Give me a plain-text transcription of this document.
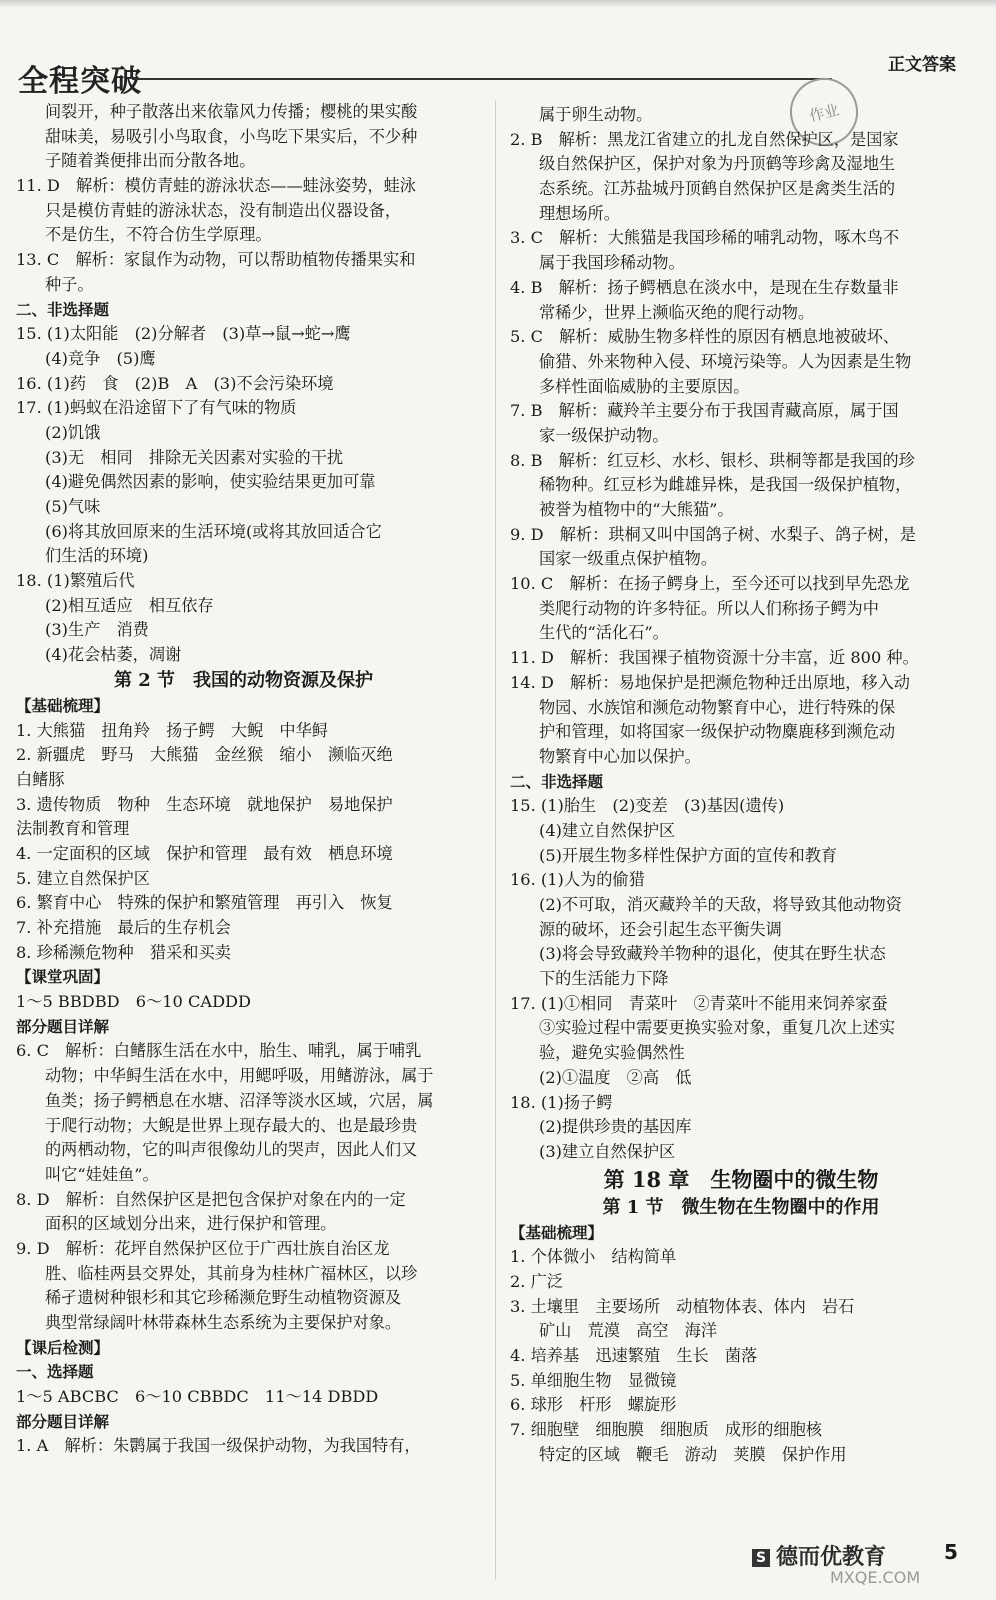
全程突破
作业
正文答案
间裂开，种子散落出来依靠风力传播；樱桃的果实酸
甜味美，易吸引小鸟取食，小鸟吃下果实后，不少种
子随着粪便排出而分散各地。
11. D　解析：模仿青蛙的游泳状态——蛙泳姿势，蛙泳
只是模仿青蛙的游泳状态，没有制造出仪器设备，
不是仿生，不符合仿生学原理。
13. C　解析：家鼠作为动物，可以帮助植物传播果实和
种子。
二、非选择题
15. (1)太阳能　(2)分解者　(3)草→鼠→蛇→鹰
(4)竞争　(5)鹰
16. (1)药　食　(2)B　A　(3)不会污染环境
17. (1)蚂蚁在沿途留下了有气味的物质
(2)饥饿
(3)无　相同　排除无关因素对实验的干扰
(4)避免偶然因素的影响，使实验结果更加可靠
(5)气味
(6)将其放回原来的生活环境(或将其放回适合它
们生活的环境)
18. (1)繁殖后代
(2)相互适应　相互依存
(3)生产　消费
(4)花会枯萎，凋谢
第 2 节　我国的动物资源及保护
【基础梳理】
1. 大熊猫　扭角羚　扬子鳄　大鲵　中华鲟
2. 新疆虎　野马　大熊猫　金丝猴　缩小　濒临灭绝
白鳍豚
3. 遗传物质　物种　生态环境　就地保护　易地保护
法制教育和管理
4. 一定面积的区域　保护和管理　最有效　栖息环境
5. 建立自然保护区
6. 繁育中心　特殊的保护和繁殖管理　再引入　恢复
7. 补充措施　最后的生存机会
8. 珍稀濒危物种　猎采和买卖
【课堂巩固】
1～5 BBDBD　6～10 CADDD
部分题目详解
6. C　解析：白鳍豚生活在水中，胎生、哺乳，属于哺乳
动物；中华鲟生活在水中，用鳃呼吸，用鳍游泳，属于
鱼类；扬子鳄栖息在水塘、沼泽等淡水区域，穴居，属
于爬行动物；大鲵是世界上现存最大的、也是最珍贵
的两栖动物，它的叫声很像幼儿的哭声，因此人们又
叫它“娃娃鱼”。
8. D　解析：自然保护区是把包含保护对象在内的一定
面积的区域划分出来，进行保护和管理。
9. D　解析：花坪自然保护区位于广西壮族自治区龙
胜、临桂两县交界处，其前身为桂林广福林区，以珍
稀孑遗树种银杉和其它珍稀濒危野生动植物资源及
典型常绿阔叶林带森林生态系统为主要保护对象。
【课后检测】
一、选择题
1～5 ABCBC　6～10 CBBDC　11～14 DBDD
部分题目详解
1. A　解析：朱鹮属于我国一级保护动物，为我国特有，
属于卵生动物。
2. B　解析：黑龙江省建立的扎龙自然保护区，是国家
级自然保护区，保护对象为丹顶鹤等珍禽及湿地生
态系统。江苏盐城丹顶鹤自然保护区是禽类生活的
理想场所。
3. C　解析：大熊猫是我国珍稀的哺乳动物，啄木鸟不
属于我国珍稀动物。
4. B　解析：扬子鳄栖息在淡水中，是现在生存数量非
常稀少，世界上濒临灭绝的爬行动物。
5. C　解析：威胁生物多样性的原因有栖息地被破坏、
偷猎、外来物种入侵、环境污染等。人为因素是生物
多样性面临威胁的主要原因。
7. B　解析：藏羚羊主要分布于我国青藏高原，属于国
家一级保护动物。
8. B　解析：红豆杉、水杉、银杉、珙桐等都是我国的珍
稀物种。红豆杉为雌雄异株，是我国一级保护植物，
被誉为植物中的“大熊猫”。
9. D　解析：珙桐又叫中国鸽子树、水梨子、鸽子树，是
国家一级重点保护植物。
10. C　解析：在扬子鳄身上，至今还可以找到早先恐龙
类爬行动物的许多特征。所以人们称扬子鳄为中
生代的“活化石”。
11. D　解析：我国裸子植物资源十分丰富，近 800 种。
14. D　解析：易地保护是把濒危物种迁出原地，移入动
物园、水族馆和濒危动物繁育中心，进行特殊的保
护和管理，如将国家一级保护动物麋鹿移到濒危动
物繁育中心加以保护。
二、非选择题
15. (1)胎生　(2)变差　(3)基因(遗传)
(4)建立自然保护区
(5)开展生物多样性保护方面的宣传和教育
16. (1)人为的偷猎
(2)不可取，消灭藏羚羊的天敌，将导致其他动物资
源的破坏，还会引起生态平衡失调
(3)将会导致藏羚羊物种的退化，使其在野生状态
下的生活能力下降
17. (1)①相同　青菜叶　②青菜叶不能用来饲养家蚕
③实验过程中需要更换实验对象，重复几次上述实
验，避免实验偶然性
(2)①温度　②高　低
18. (1)扬子鳄
(2)提供珍贵的基因库
(3)建立自然保护区
第 18 章　生物圈中的微生物
第 1 节　微生物在生物圈中的作用
【基础梳理】
1. 个体微小　结构简单
2. 广泛
3. 土壤里　主要场所　动植物体表、体内　岩石
矿山　荒漠　高空　海洋
4. 培养基　迅速繁殖　生长　菌落
5. 单细胞生物　显微镜
6. 球形　杆形　螺旋形
7. 细胞壁　细胞膜　细胞质　成形的细胞核
特定的区域　鞭毛　游动　荚膜　保护作用
S 德而优教育	5
MXQE.COM
